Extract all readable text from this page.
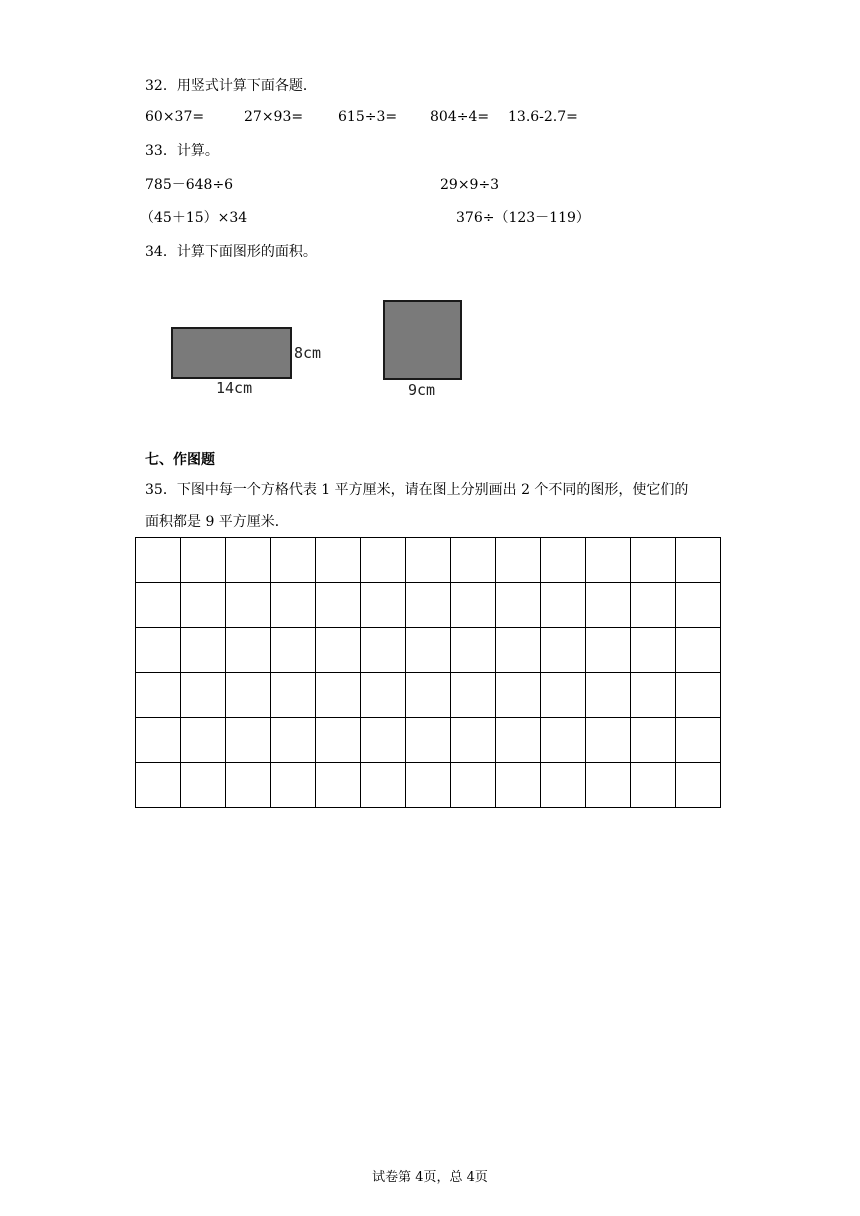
32．用竖式计算下面各题．
60×37=	27×93= 615÷3= 804÷4= 13.6-2.7=
33．计算。
785－648÷6	29×9÷3
（45＋15）×34	376÷（123－119）
34．计算下面图形的面积。
8cm
14cm	9cm
七、作图题
35．下图中每一个方格代表 1 平方厘米，请在图上分别画出 2 个不同的图形，使它们的
面积都是 9 平方厘米．

试卷第 4页，总 4页
